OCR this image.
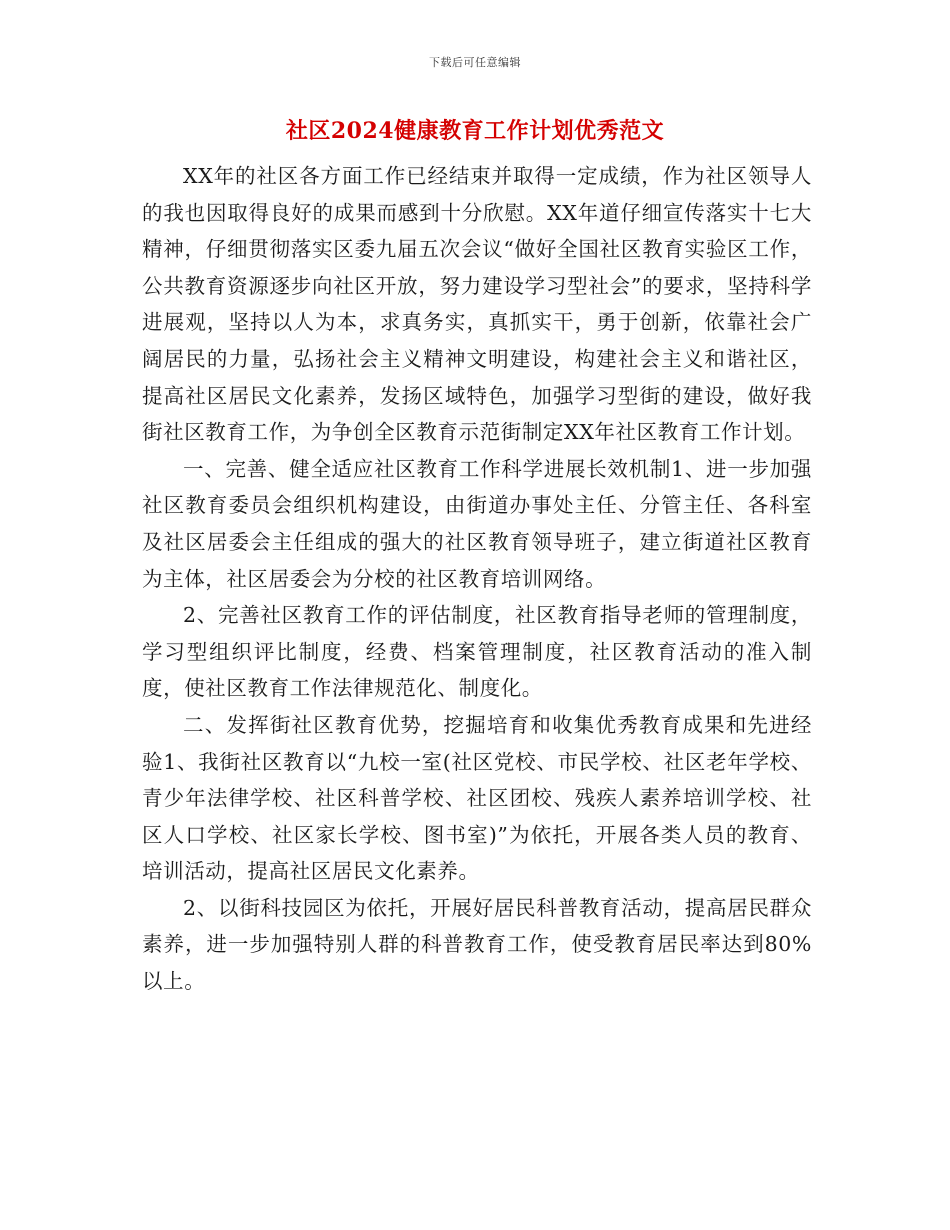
下载后可任意编辑
社区2024健康教育工作计划优秀范文

XX年的社区各方面工作已经结束并取得一定成绩，作为社区领导人的我也因取得良好的成果而感到十分欣慰。XX年道仔细宣传落实十七大精神，仔细贯彻落实区委九届五次会议“做好全国社区教育实验区工作，公共教育资源逐步向社区开放，努力建设学习型社会”的要求，坚持科学进展观，坚持以人为本，求真务实，真抓实干，勇于创新，依靠社会广阔居民的力量，弘扬社会主义精神文明建设，构建社会主义和谐社区，提高社区居民文化素养，发扬区域特色，加强学习型街的建设，做好我街社区教育工作，为争创全区教育示范街制定XX年社区教育工作计划。

一、完善、健全适应社区教育工作科学进展长效机制1、进一步加强社区教育委员会组织机构建设，由街道办事处主任、分管主任、各科室及社区居委会主任组成的强大的社区教育领导班子，建立街道社区教育为主体，社区居委会为分校的社区教育培训网络。

2、完善社区教育工作的评估制度，社区教育指导老师的管理制度，学习型组织评比制度，经费、档案管理制度，社区教育活动的准入制度，使社区教育工作法律规范化、制度化。

二、发挥街社区教育优势，挖掘培育和收集优秀教育成果和先进经验1、我街社区教育以“九校一室(社区党校、市民学校、社区老年学校、青少年法律学校、社区科普学校、社区团校、残疾人素养培训学校、社区人口学校、社区家长学校、图书室)”为依托，开展各类人员的教育、培训活动，提高社区居民文化素养。

2、以街科技园区为依托，开展好居民科普教育活动，提高居民群众素养，进一步加强特别人群的科普教育工作，使受教育居民率达到80%以上。
